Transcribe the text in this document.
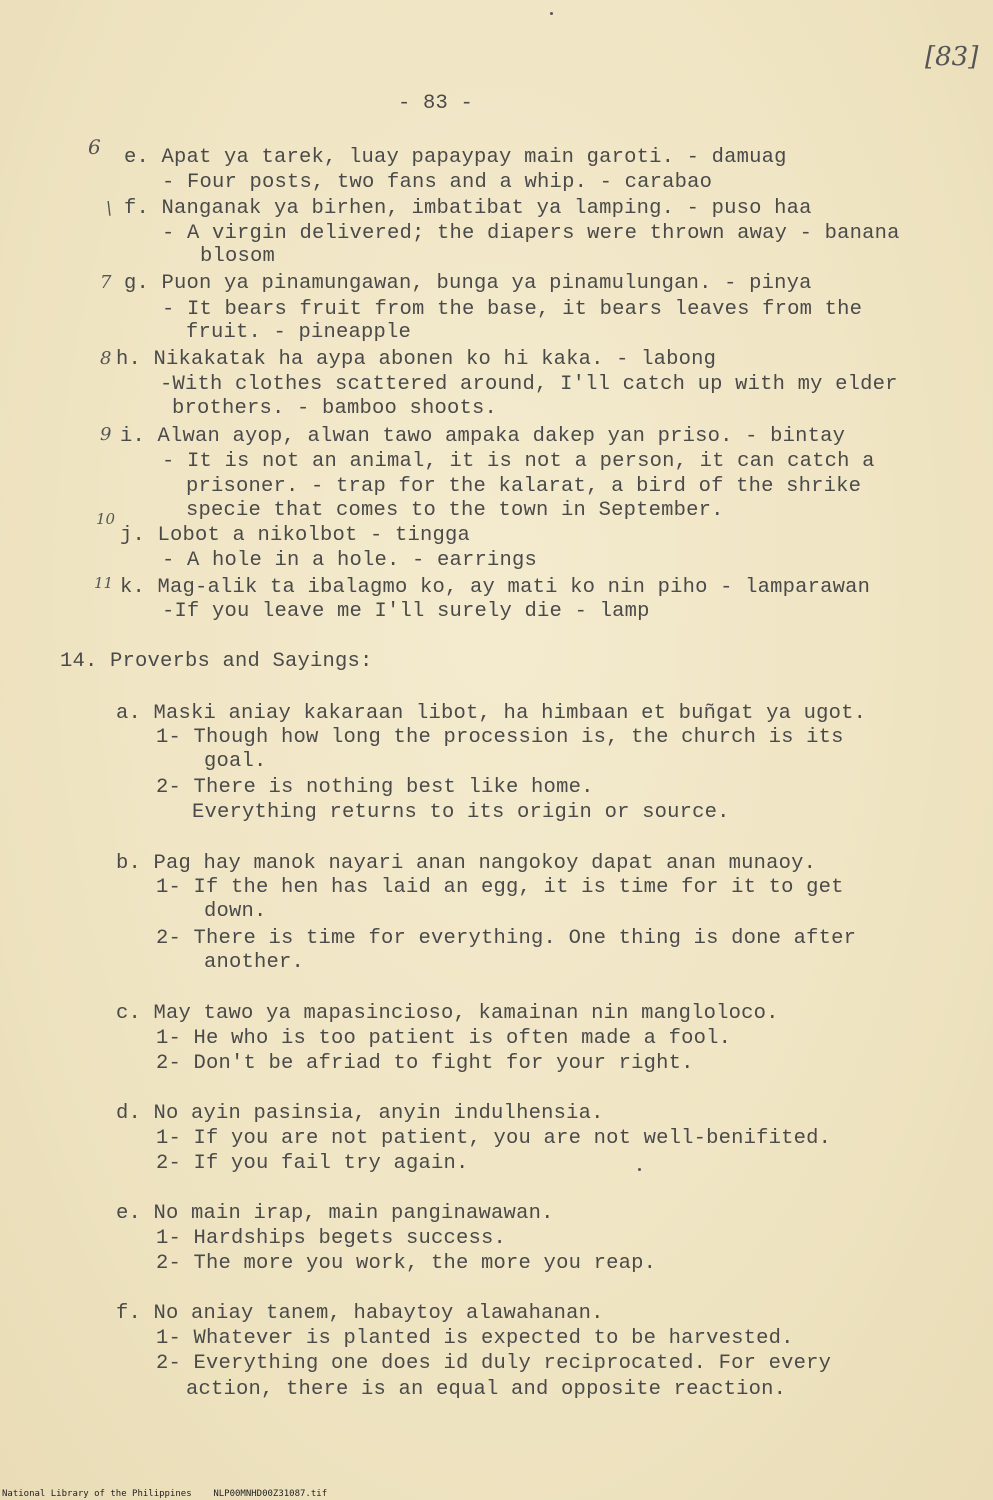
[83]
- 83 -
6 e. Apat ya tarek, luay papaypay main garoti. - damuag
- Four posts, two fans and a whip. - carabao
\ f. Nanganak ya birhen, imbatibat ya lamping. - puso haa
- A virgin delivered; the diapers were thrown away - banana
blosom
7 g. Puon ya pinamungawan, bunga ya pinamulungan. - pinya
- It bears fruit from the base, it bears leaves from the
fruit. - pineapple
8 h. Nikakatak ha aypa abonen ko hi kaka. - labong
-With clothes scattered around, I'll catch up with my elder
brothers. - bamboo shoots.
9 i. Alwan ayop, alwan tawo ampaka dakep yan priso. - bintay
- It is not an animal, it is not a person, it can catch a
prisoner. - trap for the kalarat, a bird of the shrike
specie that comes to the town in September.
10
j. Lobot a nikolbot - tingga
- A hole in a hole. - earrings
11 k. Mag-alik ta ibalagmo ko, ay mati ko nin piho - lamparawan
-If you leave me I'll surely die - lamp
14. Proverbs and Sayings:
a. Maski aniay kakaraan libot, ha himbaan et buñgat ya ugot.
1- Though how long the procession is, the church is its
goal.
2- There is nothing best like home.
Everything returns to its origin or source.
b. Pag hay manok nayari anan nangokoy dapat anan munaoy.
1- If the hen has laid an egg, it is time for it to get
down.
2- There is time for everything. One thing is done after
another.
c. May tawo ya mapasincioso, kamainan nin mangloloco.
1- He who is too patient is often made a fool.
2- Don't be afriad to fight for your right.
d. No ayin pasinsia, anyin indulhensia.
1- If you are not patient, you are not well-benifited.
2- If you fail try again.
e. No main irap, main panginawawan.
1- Hardships begets success.
2- The more you work, the more you reap.
f. No aniay tanem, habaytoy alawahanan.
1- Whatever is planted is expected to be harvested.
2- Everything one does id duly reciprocated. For every
action, there is an equal and opposite reaction.
National Library of the Philippines    NLP00MNHD00Z31087.tif
